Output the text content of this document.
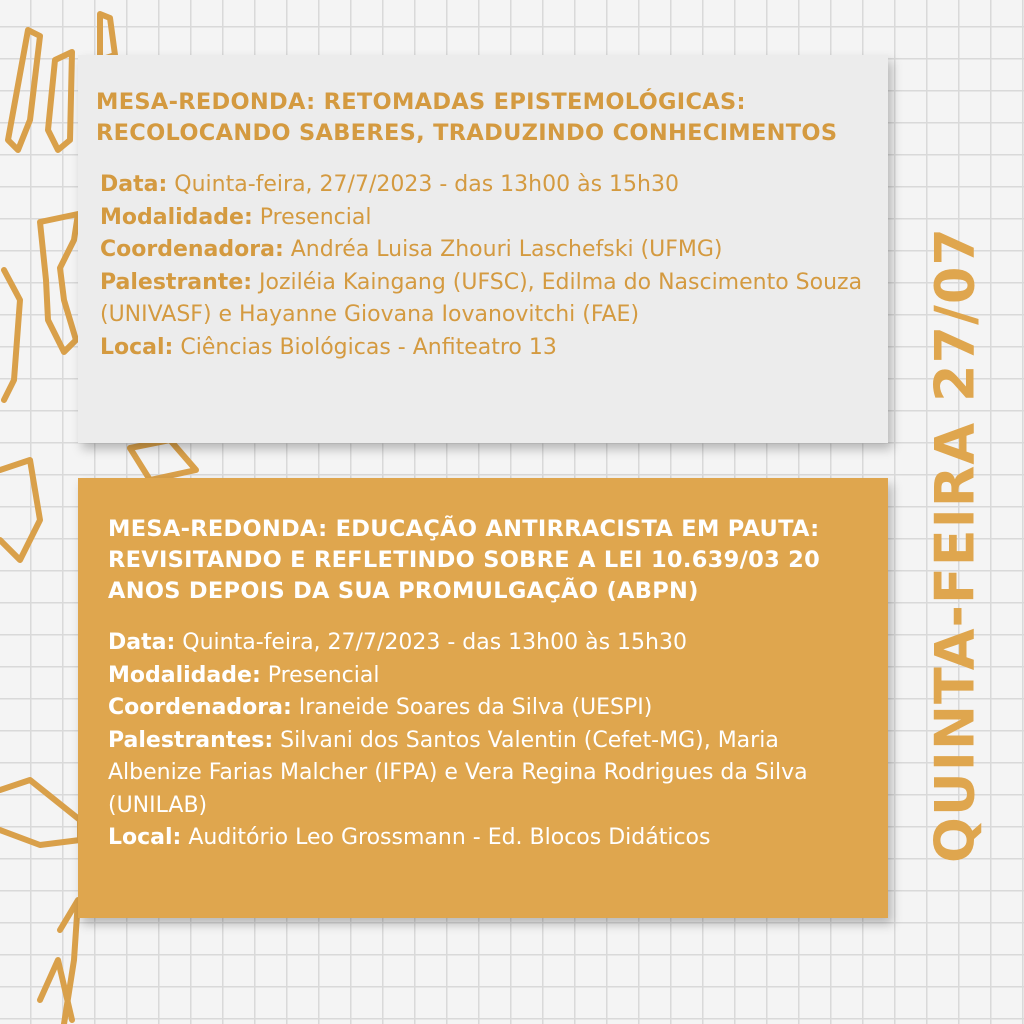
MESA-REDONDA: RETOMADAS EPISTEMOLÓGICAS: RECOLOCANDO SABERES, TRADUZINDO CONHECIMENTOS
Data: Quinta-feira, 27/7/2023 - das 13h00 às 15h30
Modalidade: Presencial
Coordenadora: Andréa Luisa Zhouri Laschefski (UFMG)
Palestrante: Joziléia Kaingang (UFSC), Edilma do Nascimento Souza (UNIVASF) e Hayanne Giovana Iovanovitchi (FAE)
Local: Ciências Biológicas - Anfiteatro 13
MESA-REDONDA: EDUCAÇÃO ANTIRRACISTA EM PAUTA: REVISITANDO E REFLETINDO SOBRE A LEI 10.639/03 20 ANOS DEPOIS DA SUA PROMULGAÇÃO (ABPN)
Data: Quinta-feira, 27/7/2023 - das 13h00 às 15h30
Modalidade: Presencial
Coordenadora: Iraneide Soares da Silva (UESPI)
Palestrantes: Silvani dos Santos Valentin (Cefet-MG), Maria Albenize Farias Malcher (IFPA) e Vera Regina Rodrigues da Silva (UNILAB)
Local: Auditório Leo Grossmann - Ed. Blocos Didáticos	QUINTA-FEIRA 27/07
